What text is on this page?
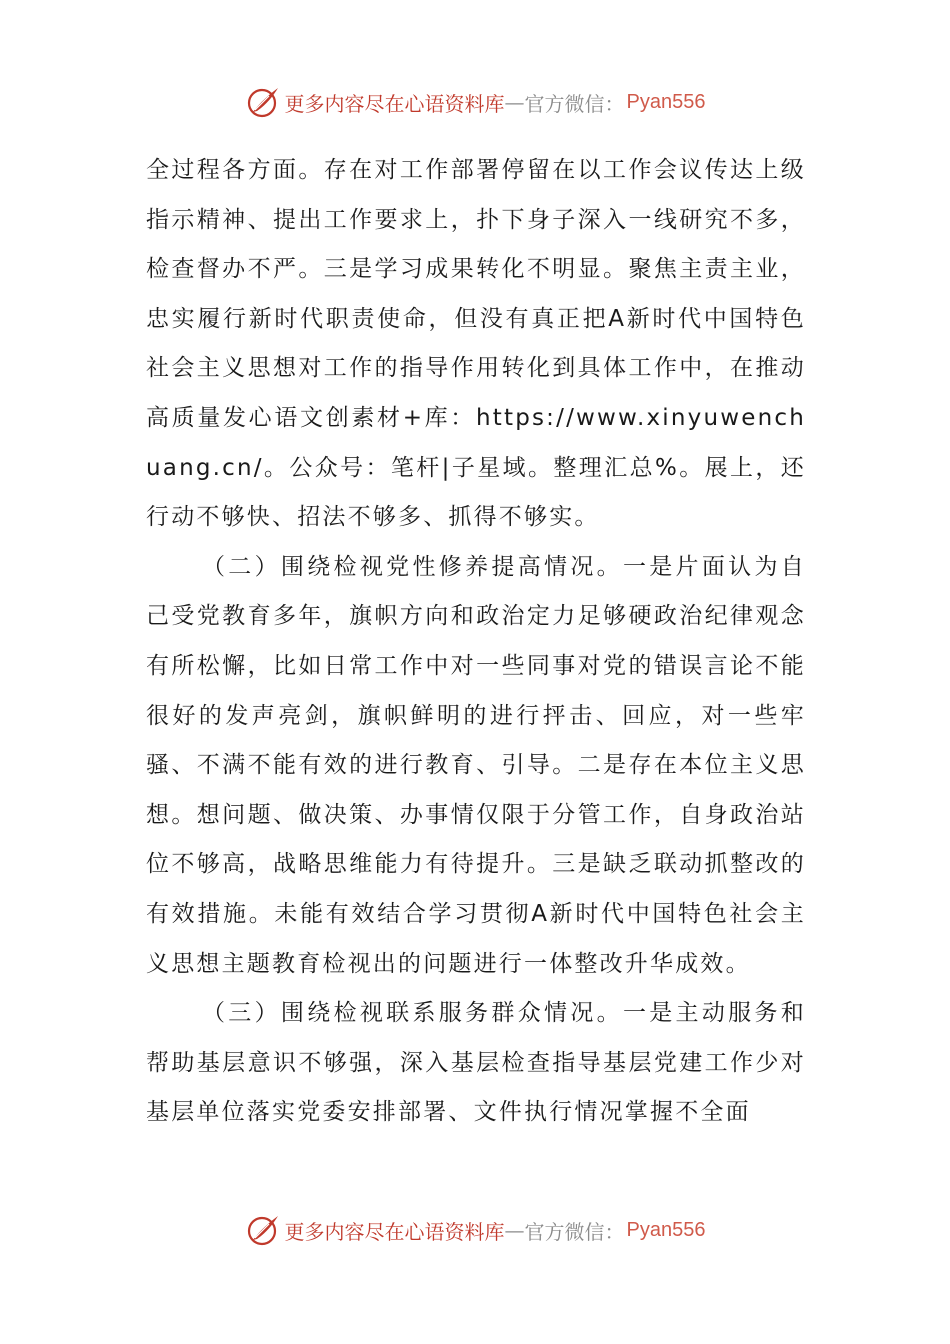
更多内容尽在心语资料库 — 官方微信： Pyan556

全过程各方面。存在对工作部署停留在以工作会议传达上级指示精神、提出工作要求上，扑下身子深入一线研究不多，检查督办不严。三是学习成果转化不明显。聚焦主责主业，忠实履行新时代职责使命，但没有真正把A新时代中国特色社会主义思想对工作的指导作用转化到具体工作中，在推动高质量发心语文创素材+库：https://www.xinyuwenchuang.cn/。公众号：笔杆|子星域。整理汇总%。展上，还行动不够快、招法不够多、抓得不够实。

（二）围绕检视党性修养提高情况。一是片面认为自己受党教育多年，旗帜方向和政治定力足够硬政治纪律观念有所松懈，比如日常工作中对一些同事对党的错误言论不能很好的发声亮剑，旗帜鲜明的进行抨击、回应，对一些牢骚、不满不能有效的进行教育、引导。二是存在本位主义思想。想问题、做决策、办事情仅限于分管工作，自身政治站位不够高，战略思维能力有待提升。三是缺乏联动抓整改的有效措施。未能有效结合学习贯彻A新时代中国特色社会主义思想主题教育检视出的问题进行一体整改升华成效。

（三）围绕检视联系服务群众情况。一是主动服务和帮助基层意识不够强，深入基层检查指导基层党建工作少对基层单位落实党委安排部署、文件执行情况掌握不全面

更多内容尽在心语资料库 — 官方微信： Pyan556
